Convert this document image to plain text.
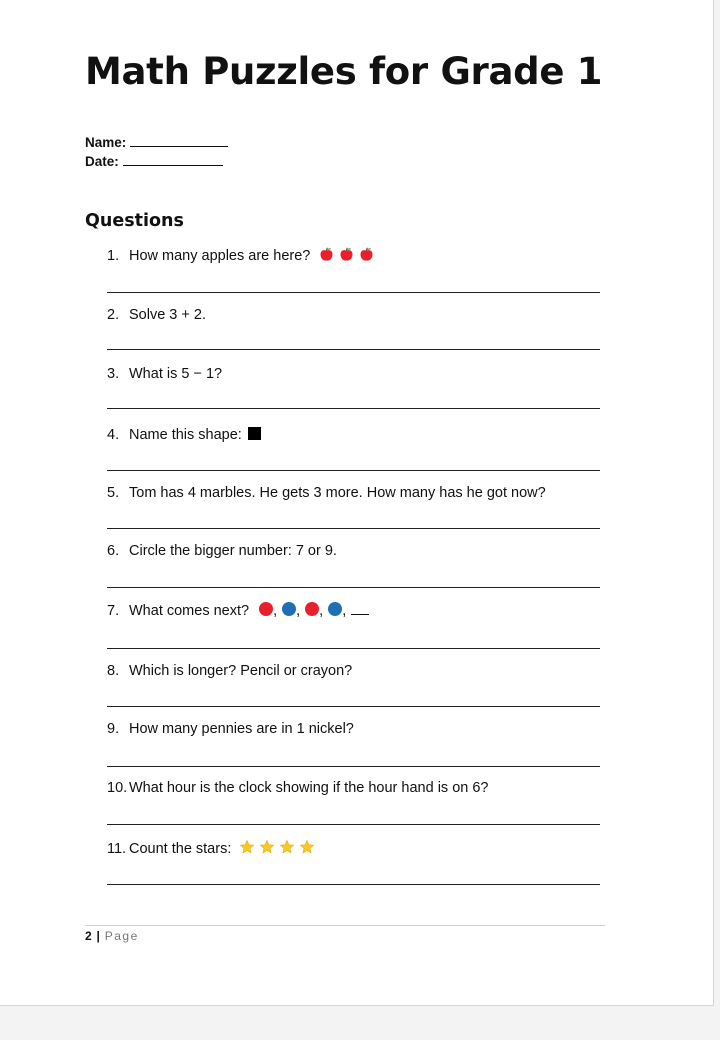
Math Puzzles for Grade 1
Name:
Date:
Questions
1. How many apples are here?
2. Solve 3 + 2.
3. What is 5 − 1?
4. Name this shape:
5. Tom has 4 marbles. He gets 3 more. How many has he got now?
6. Circle the bigger number: 7 or 9.
7. What comes next? , , , ,
8. Which is longer? Pencil or crayon?
9. How many pennies are in 1 nickel?
10. What hour is the clock showing if the hour hand is on 6?
11. Count the stars:
2 | Page
